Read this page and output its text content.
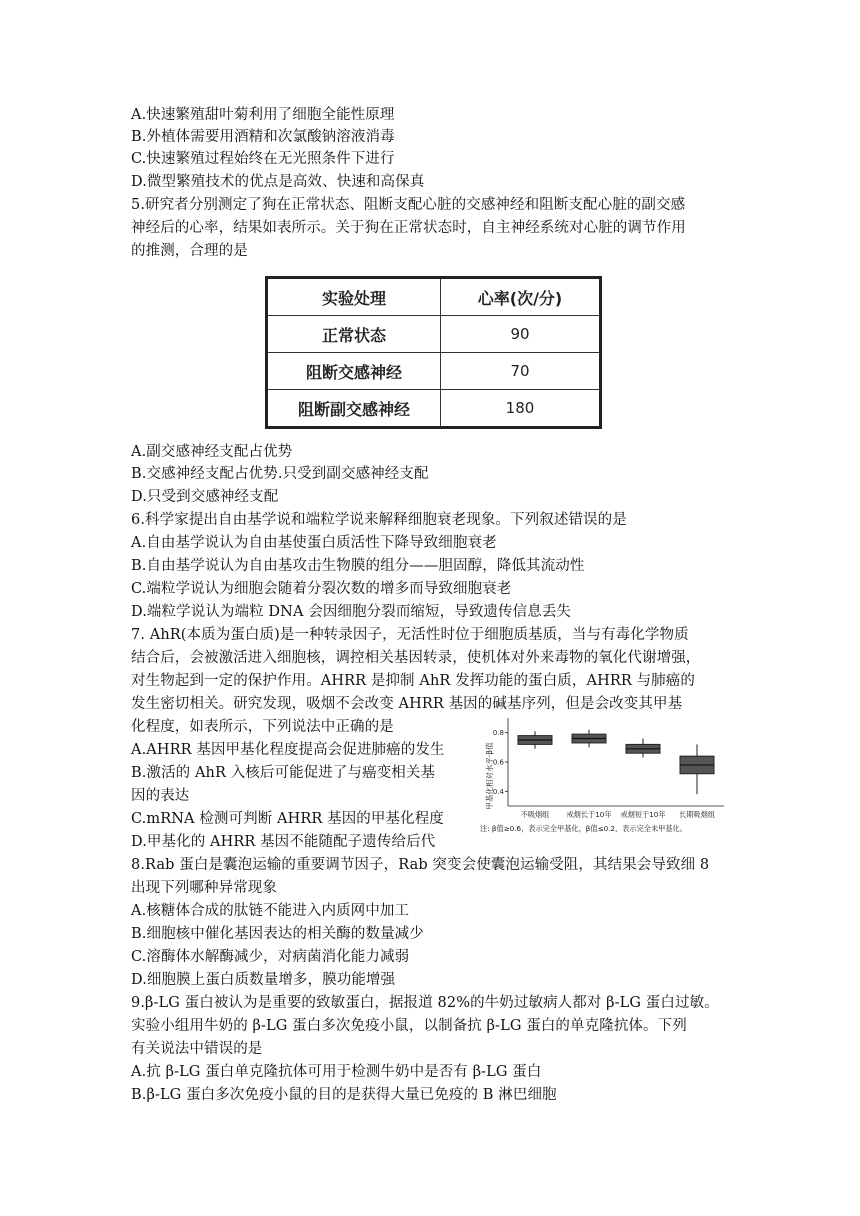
A.快速繁殖甜叶菊利用了细胞全能性原理
B.外植体需要用酒精和次氯酸钠溶液消毒
C.快速繁殖过程始终在无光照条件下进行
D.微型繁殖技术的优点是高效、快速和高保真
5.研究者分别测定了狗在正常状态、阻断支配心脏的交感神经和阻断支配心脏的副交感
神经后的心率，结果如表所示。关于狗在正常状态时，自主神经系统对心脏的调节作用
的推测，合理的是
实验处理	心率(次/分)
正常状态	90
阻断交感神经	70
阻断副交感神经	180
A.副交感神经支配占优势
B.交感神经支配占优势.只受到副交感神经支配
D.只受到交感神经支配
6.科学家提出自由基学说和端粒学说来解释细胞衰老现象。下列叙述错误的是
A.自由基学说认为自由基使蛋白质活性下降导致细胞衰老
B.自由基学说认为自由基攻击生物膜的组分——胆固醇，降低其流动性
C.端粒学说认为细胞会随着分裂次数的增多而导致细胞衰老
D.端粒学说认为端粒 DNA 会因细胞分裂而缩短，导致遗传信息丢失
7. AhR(本质为蛋白质)是一种转录因子，无活性时位于细胞质基质，当与有毒化学物质
结合后，会被激活进入细胞核，调控相关基因转录，使机体对外来毒物的氧化代谢增强，
对生物起到一定的保护作用。AHRR 是抑制 AhR 发挥功能的蛋白质，AHRR 与肺癌的
发生密切相关。研究发现，吸烟不会改变 AHRR 基因的碱基序列，但是会改变其甲基
化程度，如表所示，下列说法中正确的是
A.AHRR 基因甲基化程度提高会促进肺癌的发生
B.激活的 AhR 入核后可能促进了与癌变相关基
因的表达
C.mRNA 检测可判断 AHRR 基因的甲基化程度
D.甲基化的 AHRR 基因不能随配子遗传给后代
甲基化相对水平·β值
注: β值≥0.6，表示完全甲基化，β值≤0.2，表示完全未甲基化。
0.4
0.6
0.8
不吸烟组 戒烟长于10年 戒烟短于10年 长期吸烟组
8.Rab 蛋白是囊泡运输的重要调节因子，Rab 突变会使囊泡运输受阻，其结果会导致细 8
出现下列哪种异常现象
A.核糖体合成的肽链不能进入内质网中加工
B.细胞核中催化基因表达的相关酶的数量减少
C.溶酶体水解酶减少，对病菌消化能力减弱
D.细胞膜上蛋白质数量增多，膜功能增强
9.β-LG 蛋白被认为是重要的致敏蛋白，据报道 82%的牛奶过敏病人都对 β-LG 蛋白过敏。
实验小组用牛奶的 β-LG 蛋白多次免疫小鼠，以制备抗 β-LG 蛋白的单克隆抗体。下列
有关说法中错误的是
A.抗 β-LG 蛋白单克隆抗体可用于检测牛奶中是否有 β-LG 蛋白
B.β-LG 蛋白多次免疫小鼠的目的是获得大量已免疫的 B 淋巴细胞
